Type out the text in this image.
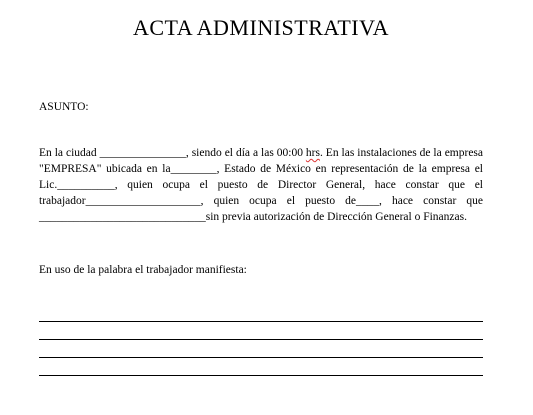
ACTA ADMINISTRATIVA

ASUNTO:

En la ciudad _______________, siendo el día a las 00:00 hrs. En las instalaciones de la empresa "EMPRESA" ubicada en la________, Estado de México en representación de la empresa el Lic.__________, quien ocupa el puesto de Director General, hace constar que el trabajador____________________, quien ocupa el puesto de____, hace constar que _____________________________sin previa autorización de Dirección General o Finanzas.

En uso de la palabra el trabajador manifiesta:
